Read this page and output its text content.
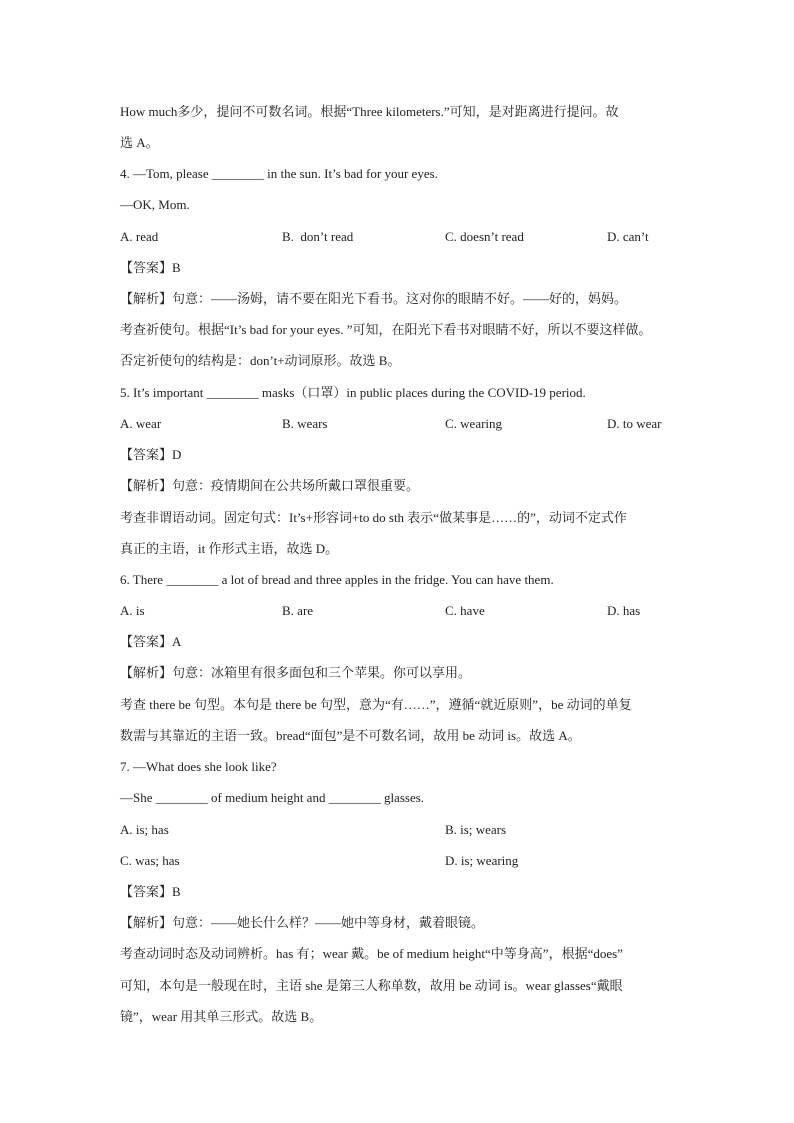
How much多少，提问不可数名词。根据“Three kilometers.”可知，是对距离进行提问。故
选 A。
4. —Tom, please ________ in the sun. It’s bad for your eyes.
—OK, Mom.
A. read	B.  don’t read	C. doesn’t read	D. can’t
【答案】B
【解析】句意：——汤姆，请不要在阳光下看书。这对你的眼睛不好。——好的，妈妈。
考查祈使句。根据“It’s bad for your eyes. ”可知，在阳光下看书对眼睛不好，所以不要这样做。
否定祈使句的结构是：don’t+动词原形。故选 B。
5. It’s important ________ masks（口罩）in public places during the COVID-19 period.
A. wear	B. wears	C. wearing	D. to wear
【答案】D
【解析】句意：疫情期间在公共场所戴口罩很重要。
考查非谓语动词。固定句式：It’s+形容词+to do sth 表示“做某事是……的”，动词不定式作
真正的主语，it 作形式主语，故选 D。
6. There ________ a lot of bread and three apples in the fridge. You can have them.
A. is	B. are	C. have	D. has
【答案】A
【解析】句意：冰箱里有很多面包和三个苹果。你可以享用。
考查 there be 句型。本句是 there be 句型，意为“有……”，遵循“就近原则”，be 动词的单复
数需与其靠近的主语一致。bread“面包”是不可数名词，故用 be 动词 is。故选 A。
7. —What does she look like?
—She ________ of medium height and ________ glasses.
A. is; has	B. is; wears
C. was; has	D. is; wearing
【答案】B
【解析】句意：——她长什么样？——她中等身材，戴着眼镜。
考查动词时态及动词辨析。has 有；wear 戴。be of medium height“中等身高”，根据“does”
可知，本句是一般现在时，主语 she 是第三人称单数，故用 be 动词 is。wear glasses“戴眼
镜”，wear 用其单三形式。故选 B。
